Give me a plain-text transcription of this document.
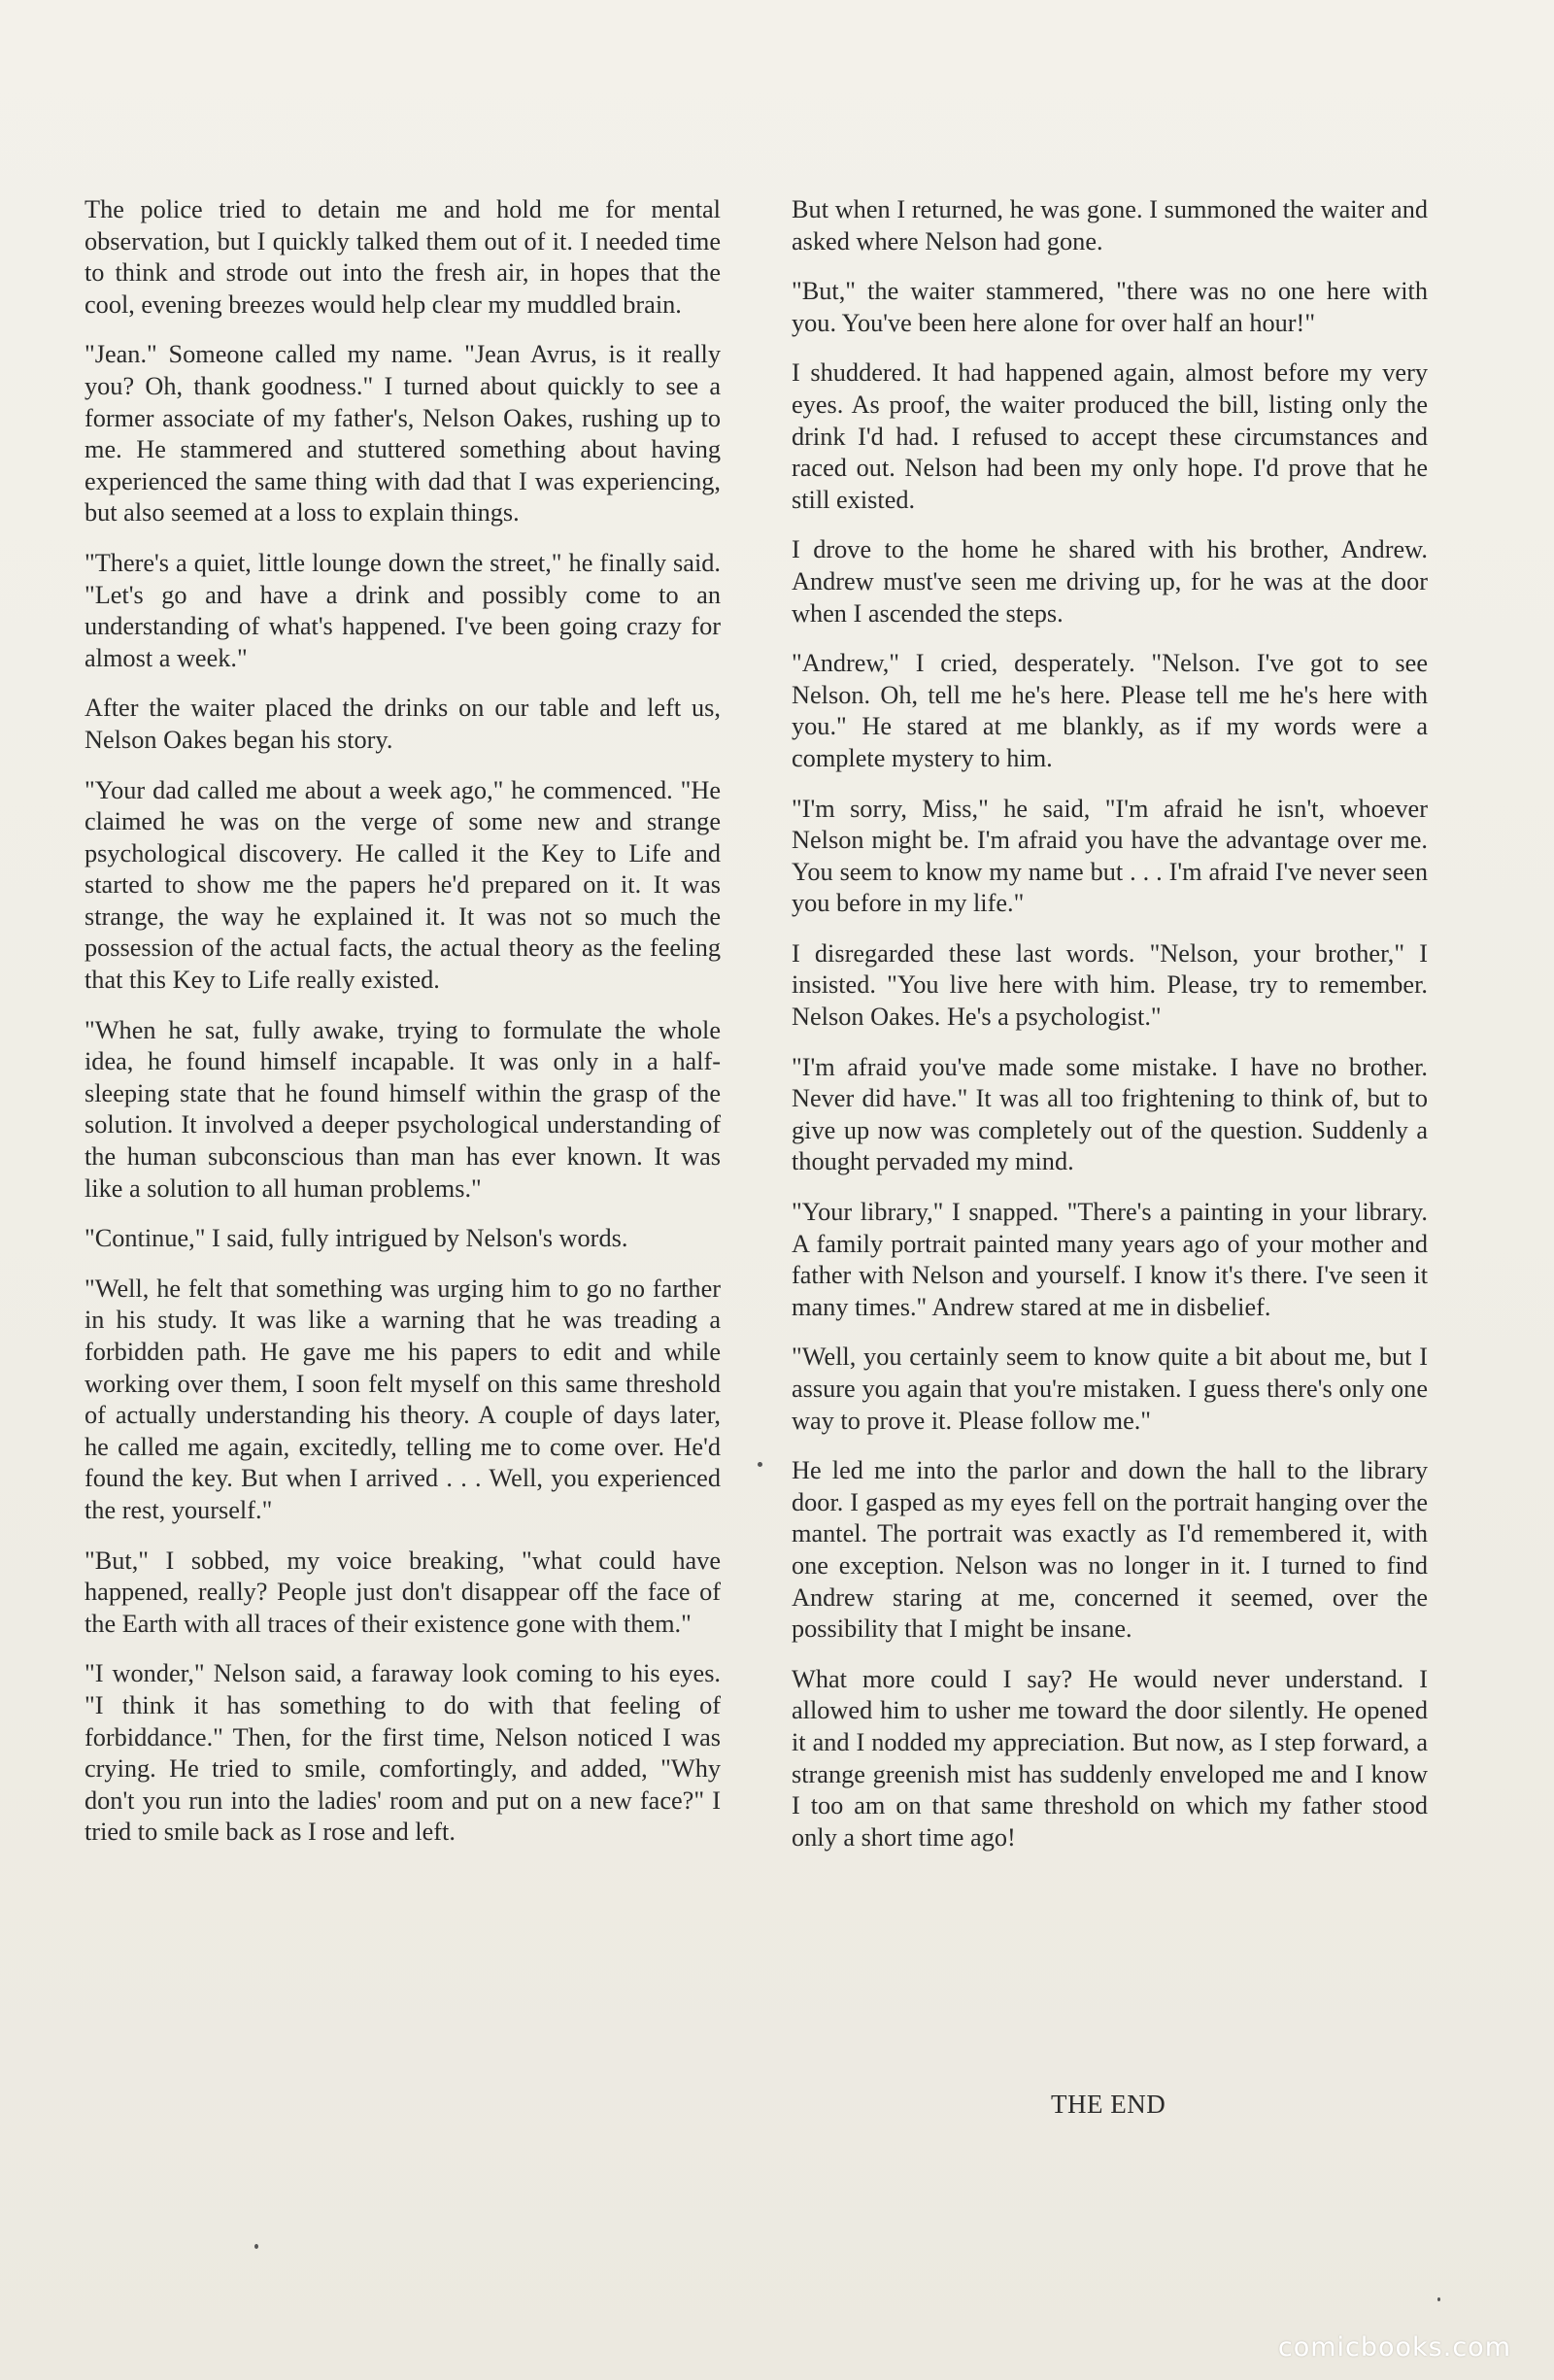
The police tried to detain me and hold me for mental observation, but I quickly talked them out of it. I needed time to think and strode out into the fresh air, in hopes that the cool, evening breezes would help clear my muddled brain.

"Jean." Someone called my name. "Jean Avrus, is it really you? Oh, thank goodness." I turned about quickly to see a former associate of my father's, Nelson Oakes, rushing up to me. He stammered and stuttered something about having experienced the same thing with dad that I was experiencing, but also seemed at a loss to explain things.

"There's a quiet, little lounge down the street," he finally said. "Let's go and have a drink and possibly come to an understanding of what's happened. I've been going crazy for almost a week."

After the waiter placed the drinks on our table and left us, Nelson Oakes began his story.

"Your dad called me about a week ago," he commenced. "He claimed he was on the verge of some new and strange psychological discovery. He called it the Key to Life and started to show me the papers he'd prepared on it. It was strange, the way he explained it. It was not so much the possession of the actual facts, the actual theory as the feeling that this Key to Life really existed.

"When he sat, fully awake, trying to formulate the whole idea, he found himself incapable. It was only in a half-sleeping state that he found himself within the grasp of the solution. It involved a deeper psychological understanding of the human subconscious than man has ever known. It was like a solution to all human problems."

"Continue," I said, fully intrigued by Nelson's words.

"Well, he felt that something was urging him to go no farther in his study. It was like a warning that he was treading a forbidden path. He gave me his papers to edit and while working over them, I soon felt myself on this same threshold of actually understanding his theory. A couple of days later, he called me again, excitedly, telling me to come over. He'd found the key. But when I arrived . . . Well, you experienced the rest, yourself."

"But," I sobbed, my voice breaking, "what could have happened, really? People just don't disappear off the face of the Earth with all traces of their existence gone with them."

"I wonder," Nelson said, a faraway look coming to his eyes. "I think it has something to do with that feeling of forbiddance." Then, for the first time, Nelson noticed I was crying. He tried to smile, comfortingly, and added, "Why don't you run into the ladies' room and put on a new face?" I tried to smile back as I rose and left.

But when I returned, he was gone. I summoned the waiter and asked where Nelson had gone.

"But," the waiter stammered, "there was no one here with you. You've been here alone for over half an hour!"

I shuddered. It had happened again, almost before my very eyes. As proof, the waiter produced the bill, listing only the drink I'd had. I refused to accept these circumstances and raced out. Nelson had been my only hope. I'd prove that he still existed.

I drove to the home he shared with his brother, Andrew. Andrew must've seen me driving up, for he was at the door when I ascended the steps.

"Andrew," I cried, desperately. "Nelson. I've got to see Nelson. Oh, tell me he's here. Please tell me he's here with you." He stared at me blankly, as if my words were a complete mystery to him.

"I'm sorry, Miss," he said, "I'm afraid he isn't, whoever Nelson might be. I'm afraid you have the advantage over me. You seem to know my name but . . . I'm afraid I've never seen you before in my life."

I disregarded these last words. "Nelson, your brother," I insisted. "You live here with him. Please, try to remember. Nelson Oakes. He's a psychologist."

"I'm afraid you've made some mistake. I have no brother. Never did have." It was all too frightening to think of, but to give up now was completely out of the question. Suddenly a thought pervaded my mind.

"Your library," I snapped. "There's a painting in your library. A family portrait painted many years ago of your mother and father with Nelson and yourself. I know it's there. I've seen it many times." Andrew stared at me in disbelief.

"Well, you certainly seem to know quite a bit about me, but I assure you again that you're mistaken. I guess there's only one way to prove it. Please follow me."

He led me into the parlor and down the hall to the library door. I gasped as my eyes fell on the portrait hanging over the mantel. The portrait was exactly as I'd remembered it, with one exception. Nelson was no longer in it. I turned to find Andrew staring at me, concerned it seemed, over the possibility that I might be insane.

What more could I say? He would never understand. I allowed him to usher me toward the door silently. He opened it and I nodded my appreciation. But now, as I step forward, a strange greenish mist has suddenly enveloped me and I know I too am on that same threshold on which my father stood only a short time ago!

THE END
comicbooks.com
